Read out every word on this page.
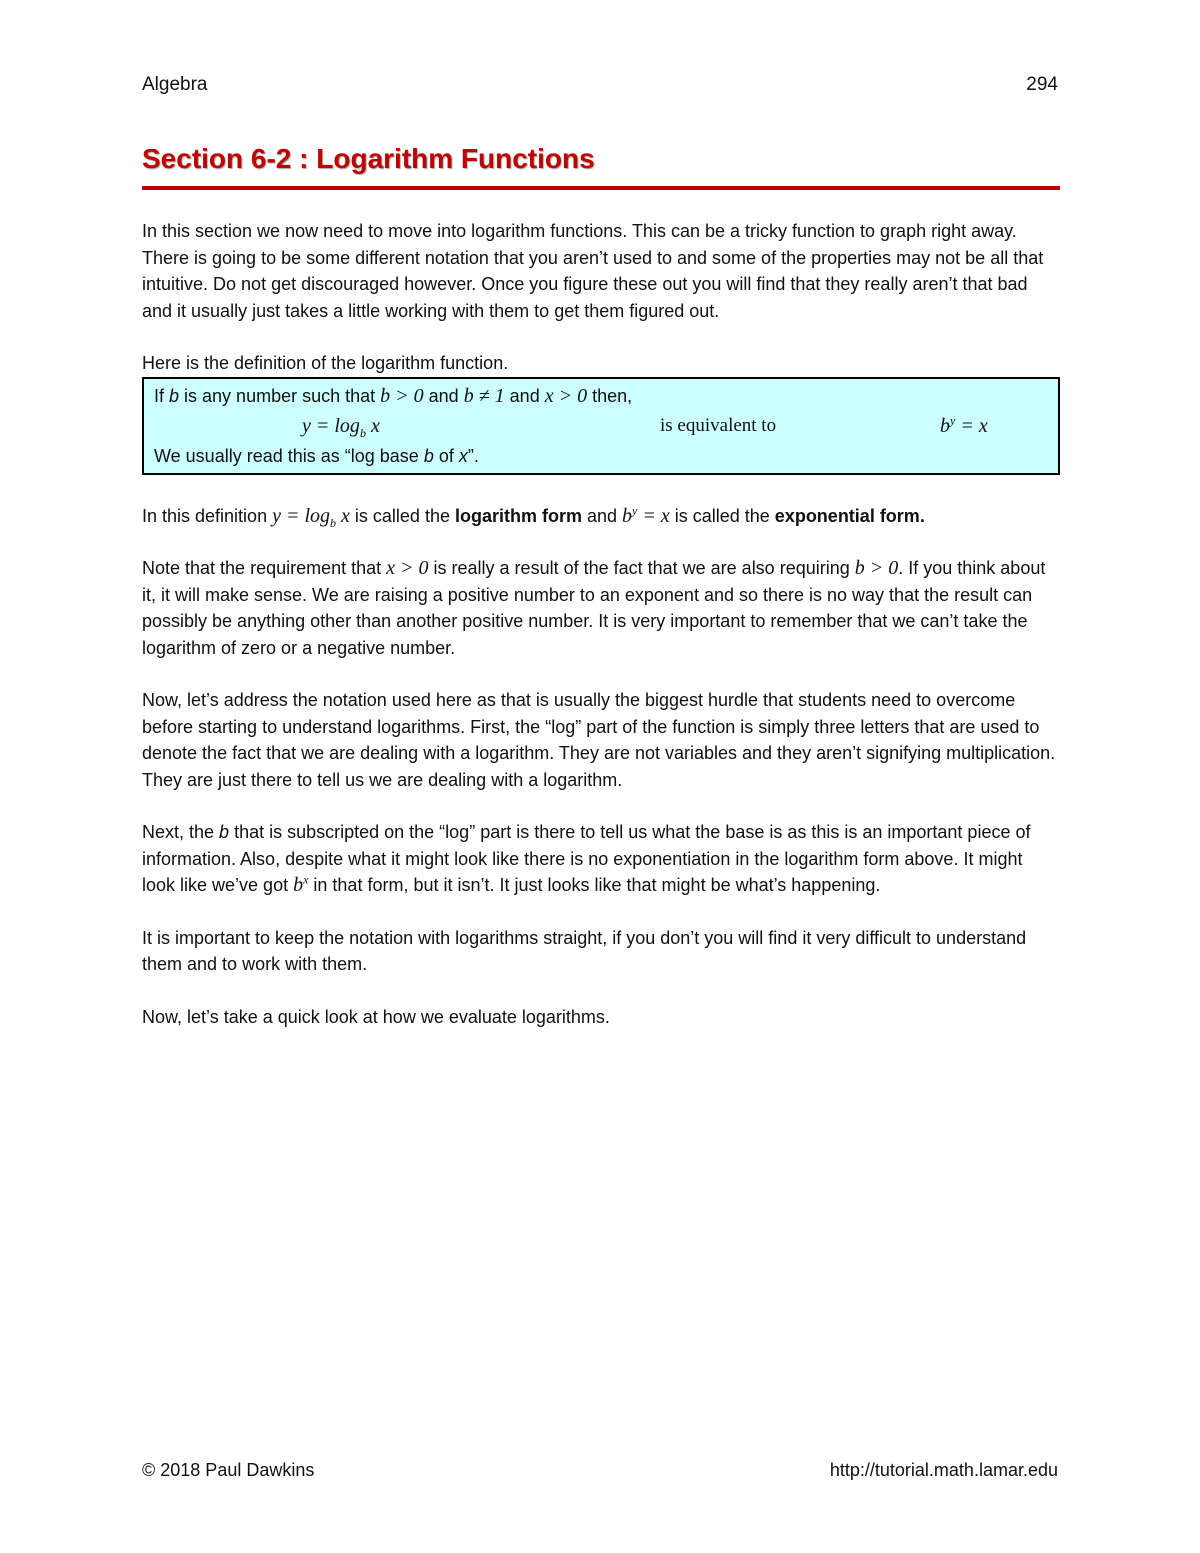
Algebra	294
Section 6-2 : Logarithm Functions

In this section we now need to move into logarithm functions. This can be a tricky function to graph right away. There is going to be some different notation that you aren’t used to and some of the properties may not be all that intuitive. Do not get discouraged however. Once you figure these out you will find that they really aren’t that bad and it usually just takes a little working with them to get them figured out.

Here is the definition of the logarithm function.

If b is any number such that b > 0 and b ≠ 1 and x > 0 then,
$y = \log_b x$	is equivalent to	$b^y = x$
We usually read this as “log base b of x”.

In this definition $y = \log_b x$ is called the logarithm form and $b^y = x$ is called the exponential form.

Note that the requirement that x > 0 is really a result of the fact that we are also requiring b > 0. If you think about it, it will make sense. We are raising a positive number to an exponent and so there is no way that the result can possibly be anything other than another positive number. It is very important to remember that we can’t take the logarithm of zero or a negative number.

Now, let’s address the notation used here as that is usually the biggest hurdle that students need to overcome before starting to understand logarithms. First, the “log” part of the function is simply three letters that are used to denote the fact that we are dealing with a logarithm. They are not variables and they aren’t signifying multiplication. They are just there to tell us we are dealing with a logarithm.

Next, the b that is subscripted on the “log” part is there to tell us what the base is as this is an important piece of information. Also, despite what it might look like there is no exponentiation in the logarithm form above. It might look like we’ve got $b^x$ in that form, but it isn’t. It just looks like that might be what’s happening.

It is important to keep the notation with logarithms straight, if you don’t you will find it very difficult to understand them and to work with them.

Now, let’s take a quick look at how we evaluate logarithms.

© 2018 Paul Dawkins	http://tutorial.math.lamar.edu
